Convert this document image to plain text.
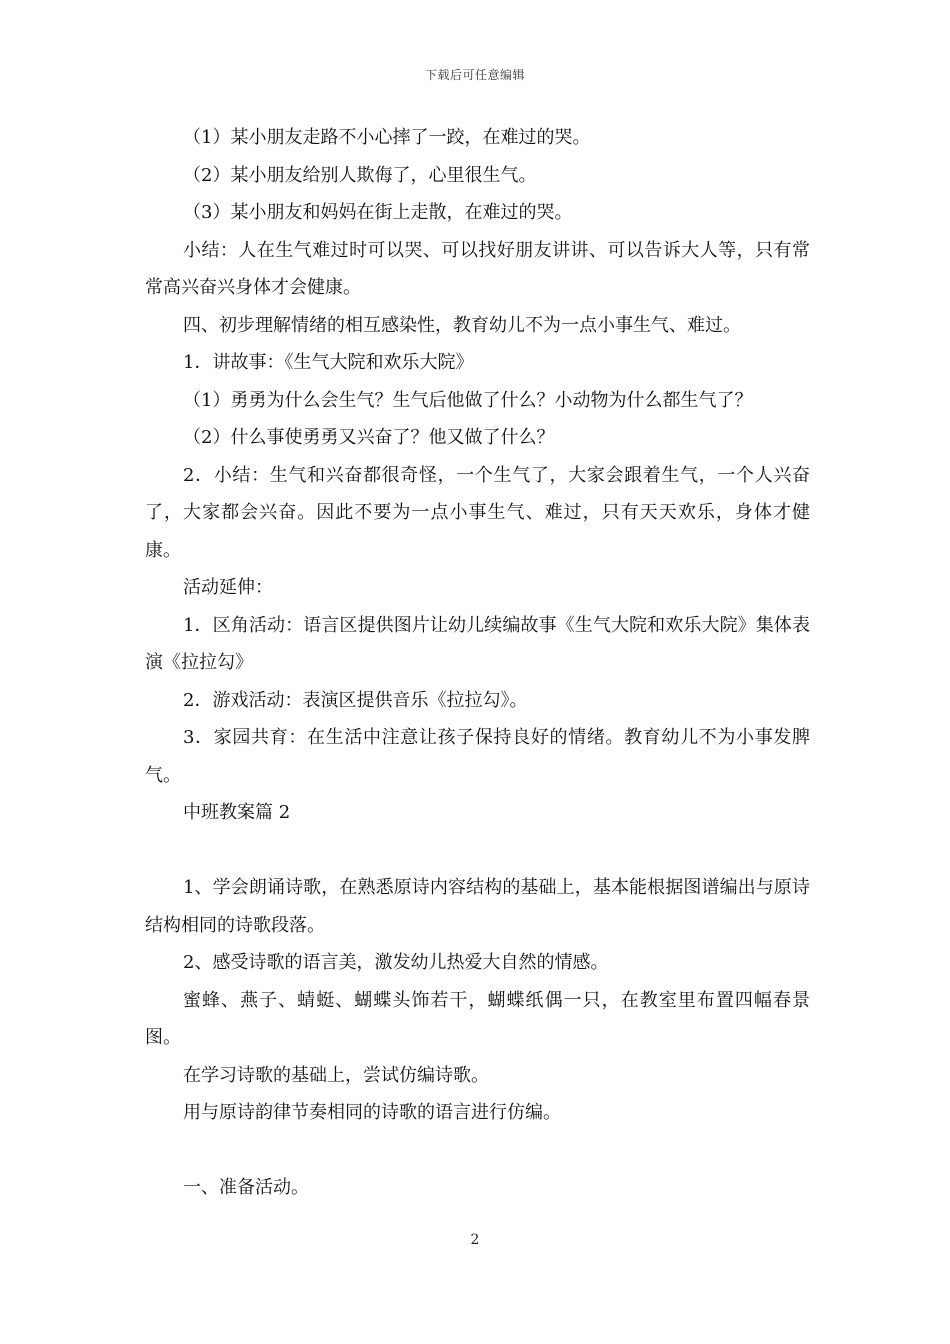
下载后可任意编辑

（1）某小朋友走路不小心摔了一跤，在难过的哭。

（2）某小朋友给别人欺侮了，心里很生气。

（3）某小朋友和妈妈在街上走散，在难过的哭。

小结：人在生气难过时可以哭、可以找好朋友讲讲、可以告诉大人等，只有常常高兴奋兴身体才会健康。

四、初步理解情绪的相互感染性，教育幼儿不为一点小事生气、难过。

1．讲故事：《生气大院和欢乐大院》

（1）勇勇为什么会生气？生气后他做了什么？小动物为什么都生气了？

（2）什么事使勇勇又兴奋了？他又做了什么？

2．小结：生气和兴奋都很奇怪，一个生气了，大家会跟着生气，一个人兴奋了，大家都会兴奋。因此不要为一点小事生气、难过，只有天天欢乐，身体才健康。

活动延伸：

1．区角活动：语言区提供图片让幼儿续编故事《生气大院和欢乐大院》集体表演《拉拉勾》

2．游戏活动：表演区提供音乐《拉拉勾》。

3．家园共育：在生活中注意让孩子保持良好的情绪。教育幼儿不为小事发脾气。

中班教案篇 2

1、学会朗诵诗歌，在熟悉原诗内容结构的基础上，基本能根据图谱编出与原诗结构相同的诗歌段落。

2、感受诗歌的语言美，激发幼儿热爱大自然的情感。

蜜蜂、燕子、蜻蜓、蝴蝶头饰若干，蝴蝶纸偶一只，在教室里布置四幅春景图。

在学习诗歌的基础上，尝试仿编诗歌。

用与原诗韵律节奏相同的诗歌的语言进行仿编。

一、准备活动。

2
